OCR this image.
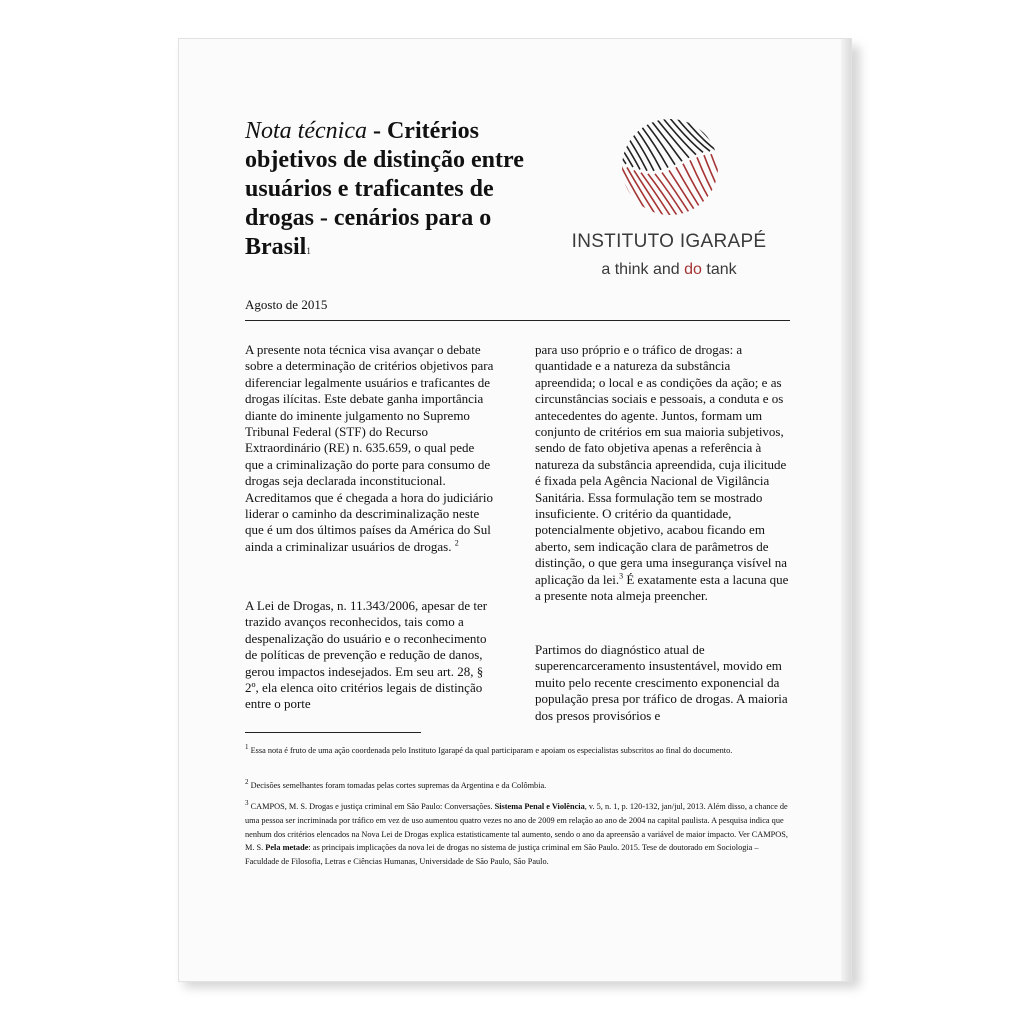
Nota técnica - Critérios objetivos de distinção entre usuários e traficantes de drogas - cenários para o Brasil$^1$	INSTITUTO IGARAPÉ
a think and do tank
Agosto de 2015

A presente nota técnica visa avançar o debate sobre a determinação de critérios objetivos para diferenciar legalmente usuários e traficantes de drogas ilícitas. Este debate ganha importância diante do iminente julgamento no Supremo Tribunal Federal (STF) do Recurso Extraordinário (RE) n. 635.659, o qual pede que a criminalização do porte para consumo de drogas seja declarada inconstitucional. Acreditamos que é chegada a hora do judiciário liderar o caminho da descriminalização neste que é um dos últimos países da América do Sul ainda a criminalizar usuários de drogas. $^2$

A Lei de Drogas, n. 11.343/2006, apesar de ter trazido avanços reconhecidos, tais como a despenalização do usuário e o reconhecimento de políticas de prevenção e redução de danos, gerou impactos indesejados. Em seu art. 28, § 2º, ela elenca oito critérios legais de distinção entre o porte

para uso próprio e o tráfico de drogas: a quantidade e a natureza da substância apreendida; o local e as condições da ação; e as circunstâncias sociais e pessoais, a conduta e os antecedentes do agente. Juntos, formam um conjunto de critérios em sua maioria subjetivos, sendo de fato objetiva apenas a referência à natureza da substância apreendida, cuja ilicitude é fixada pela Agência Nacional de Vigilância Sanitária. Essa formulação tem se mostrado insuficiente. O critério da quantidade, potencialmente objetivo, acabou ficando em aberto, sem indicação clara de parâmetros de distinção, o que gera uma insegurança visível na aplicação da lei.$^3$ É exatamente esta a lacuna que a presente nota almeja preencher.

Partimos do diagnóstico atual de superencarceramento insustentável, movido em muito pelo recente crescimento exponencial da população presa por tráfico de drogas. A maioria dos presos provisórios e

$^1$ Essa nota é fruto de uma ação coordenada pelo Instituto Igarapé da qual participaram e apoiam os especialistas subscritos ao final do documento.

$^2$ Decisões semelhantes foram tomadas pelas cortes supremas da Argentina e da Colômbia.

$^3$ CAMPOS, M. S. Drogas e justiça criminal em São Paulo: Conversações. Sistema Penal e Violência, v. 5, n. 1, p. 120-132, jan/jul, 2013. Além disso, a chance de uma pessoa ser incriminada por tráfico em vez de uso aumentou quatro vezes no ano de 2009 em relação ao ano de 2004 na capital paulista. A pesquisa indica que nenhum dos critérios elencados na Nova Lei de Drogas explica estatisticamente tal aumento, sendo o ano da apreensão a variável de maior impacto. Ver CAMPOS, M. S. Pela metade: as principais implicações da nova lei de drogas no sistema de justiça criminal em São Paulo. 2015. Tese de doutorado em Sociologia – Faculdade de Filosofia, Letras e Ciências Humanas, Universidade de São Paulo, São Paulo.
